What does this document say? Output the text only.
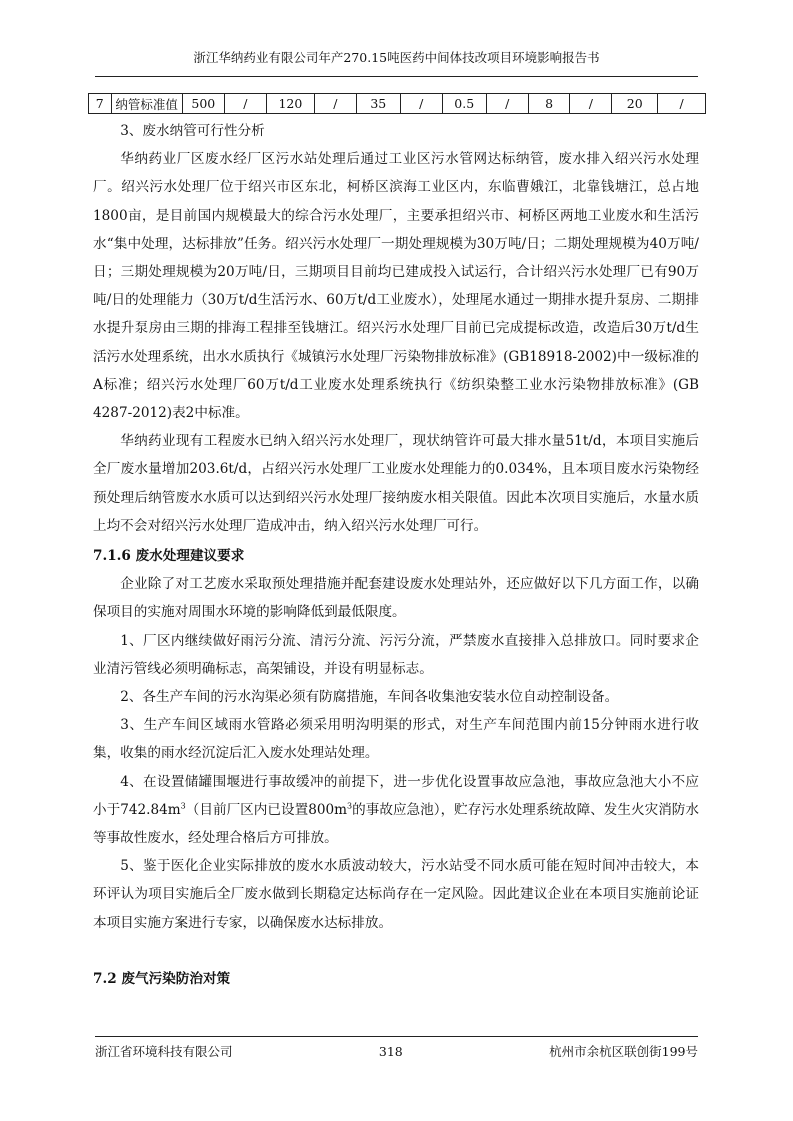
浙江华纳药业有限公司年产270.15吨医药中间体技改项目环境影响报告书
7	纳管标准值	500	/	120	/	35	/	0.5	/	8	/	20	/

3、废水纳管可行性分析

华纳药业厂区废水经厂区污水站处理后通过工业区污水管网达标纳管，废水排入绍兴污水处理厂。绍兴污水处理厂位于绍兴市区东北，柯桥区滨海工业区内，东临曹娥江，北靠钱塘江，总占地1800亩，是目前国内规模最大的综合污水处理厂，主要承担绍兴市、柯桥区两地工业废水和生活污水“集中处理，达标排放”任务。绍兴污水处理厂一期处理规模为30万吨/日；二期处理规模为40万吨/日；三期处理规模为20万吨/日，三期项目目前均已建成投入试运行，合计绍兴污水处理厂已有90万吨/日的处理能力（30万t/d生活污水、60万t/d工业废水），处理尾水通过一期排水提升泵房、二期排水提升泵房由三期的排海工程排至钱塘江。绍兴污水处理厂目前已完成提标改造，改造后30万t/d生活污水处理系统，出水水质执行《城镇污水处理厂污染物排放标准》(GB18918-2002)中一级标准的A标准；绍兴污水处理厂60万t/d工业废水处理系统执行《纺织染整工业水污染物排放标准》(GB 4287-2012)表2中标准。

华纳药业现有工程废水已纳入绍兴污水处理厂，现状纳管许可最大排水量51t/d，本项目实施后全厂废水量增加203.6t/d，占绍兴污水处理厂工业废水处理能力的0.034%，且本项目废水污染物经预处理后纳管废水水质可以达到绍兴污水处理厂接纳废水相关限值。因此本次项目实施后，水量水质上均不会对绍兴污水处理厂造成冲击，纳入绍兴污水处理厂可行。

7.1.6 废水处理建议要求

企业除了对工艺废水采取预处理措施并配套建设废水处理站外，还应做好以下几方面工作，以确保项目的实施对周围水环境的影响降低到最低限度。

1、厂区内继续做好雨污分流、清污分流、污污分流，严禁废水直接排入总排放口。同时要求企业清污管线必须明确标志，高架铺设，并设有明显标志。

2、各生产车间的污水沟渠必须有防腐措施，车间各收集池安装水位自动控制设备。

3、生产车间区域雨水管路必须采用明沟明渠的形式，对生产车间范围内前15分钟雨水进行收集，收集的雨水经沉淀后汇入废水处理站处理。

4、在设置储罐围堰进行事故缓冲的前提下，进一步优化设置事故应急池，事故应急池大小不应小于$742.84m^3$（目前厂区内已设置$800m^3$的事故应急池），贮存污水处理系统故障、发生火灾消防水等事故性废水，经处理合格后方可排放。

5、鉴于医化企业实际排放的废水水质波动较大，污水站受不同水质可能在短时间冲击较大，本环评认为项目实施后全厂废水做到长期稳定达标尚存在一定风险。因此建议企业在本项目实施前论证本项目实施方案进行专家，以确保废水达标排放。

7.2 废气污染防治对策

浙江省环境科技有限公司	318	杭州市余杭区联创街199号
